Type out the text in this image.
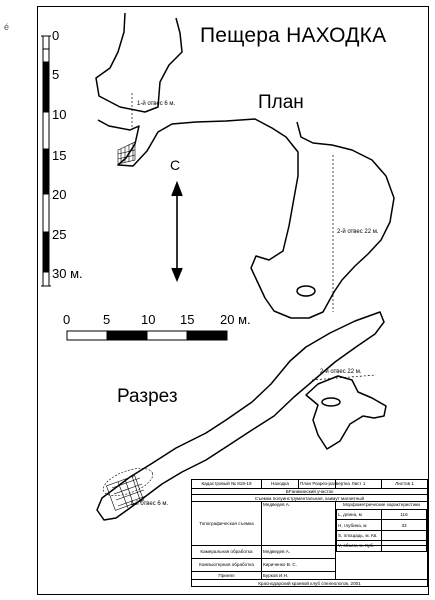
é	Пещера НАХОДКА
План
Разрез
С
0
5
10
15
20
25
30 м.
0	5 10 15 20 м.
1-й отвес 6 м.
2-й отвес 22 м.
2-й отвес 22 м.
1-й отвес 6 м.
Кадастровый № 818-19	Находка	План Разрез-развертка	Лист 1	Листов 1
БFаникинский участок
Съемка полуинструментальная, азимут магнитный
Топографическая съемка	Медведев А.	Морфометрические характеристики
L, длина, м	116
H, глубина, м	33
S, площадь, м. Кв.	
V, объем, м. Куб.	

Камеральная обработка	Медведев А.	
Компьютерная обработка	Кириченко В. С.
Принял	Бурков И.Н.
Краснодарский краевой клуб спелеологов, 2001
